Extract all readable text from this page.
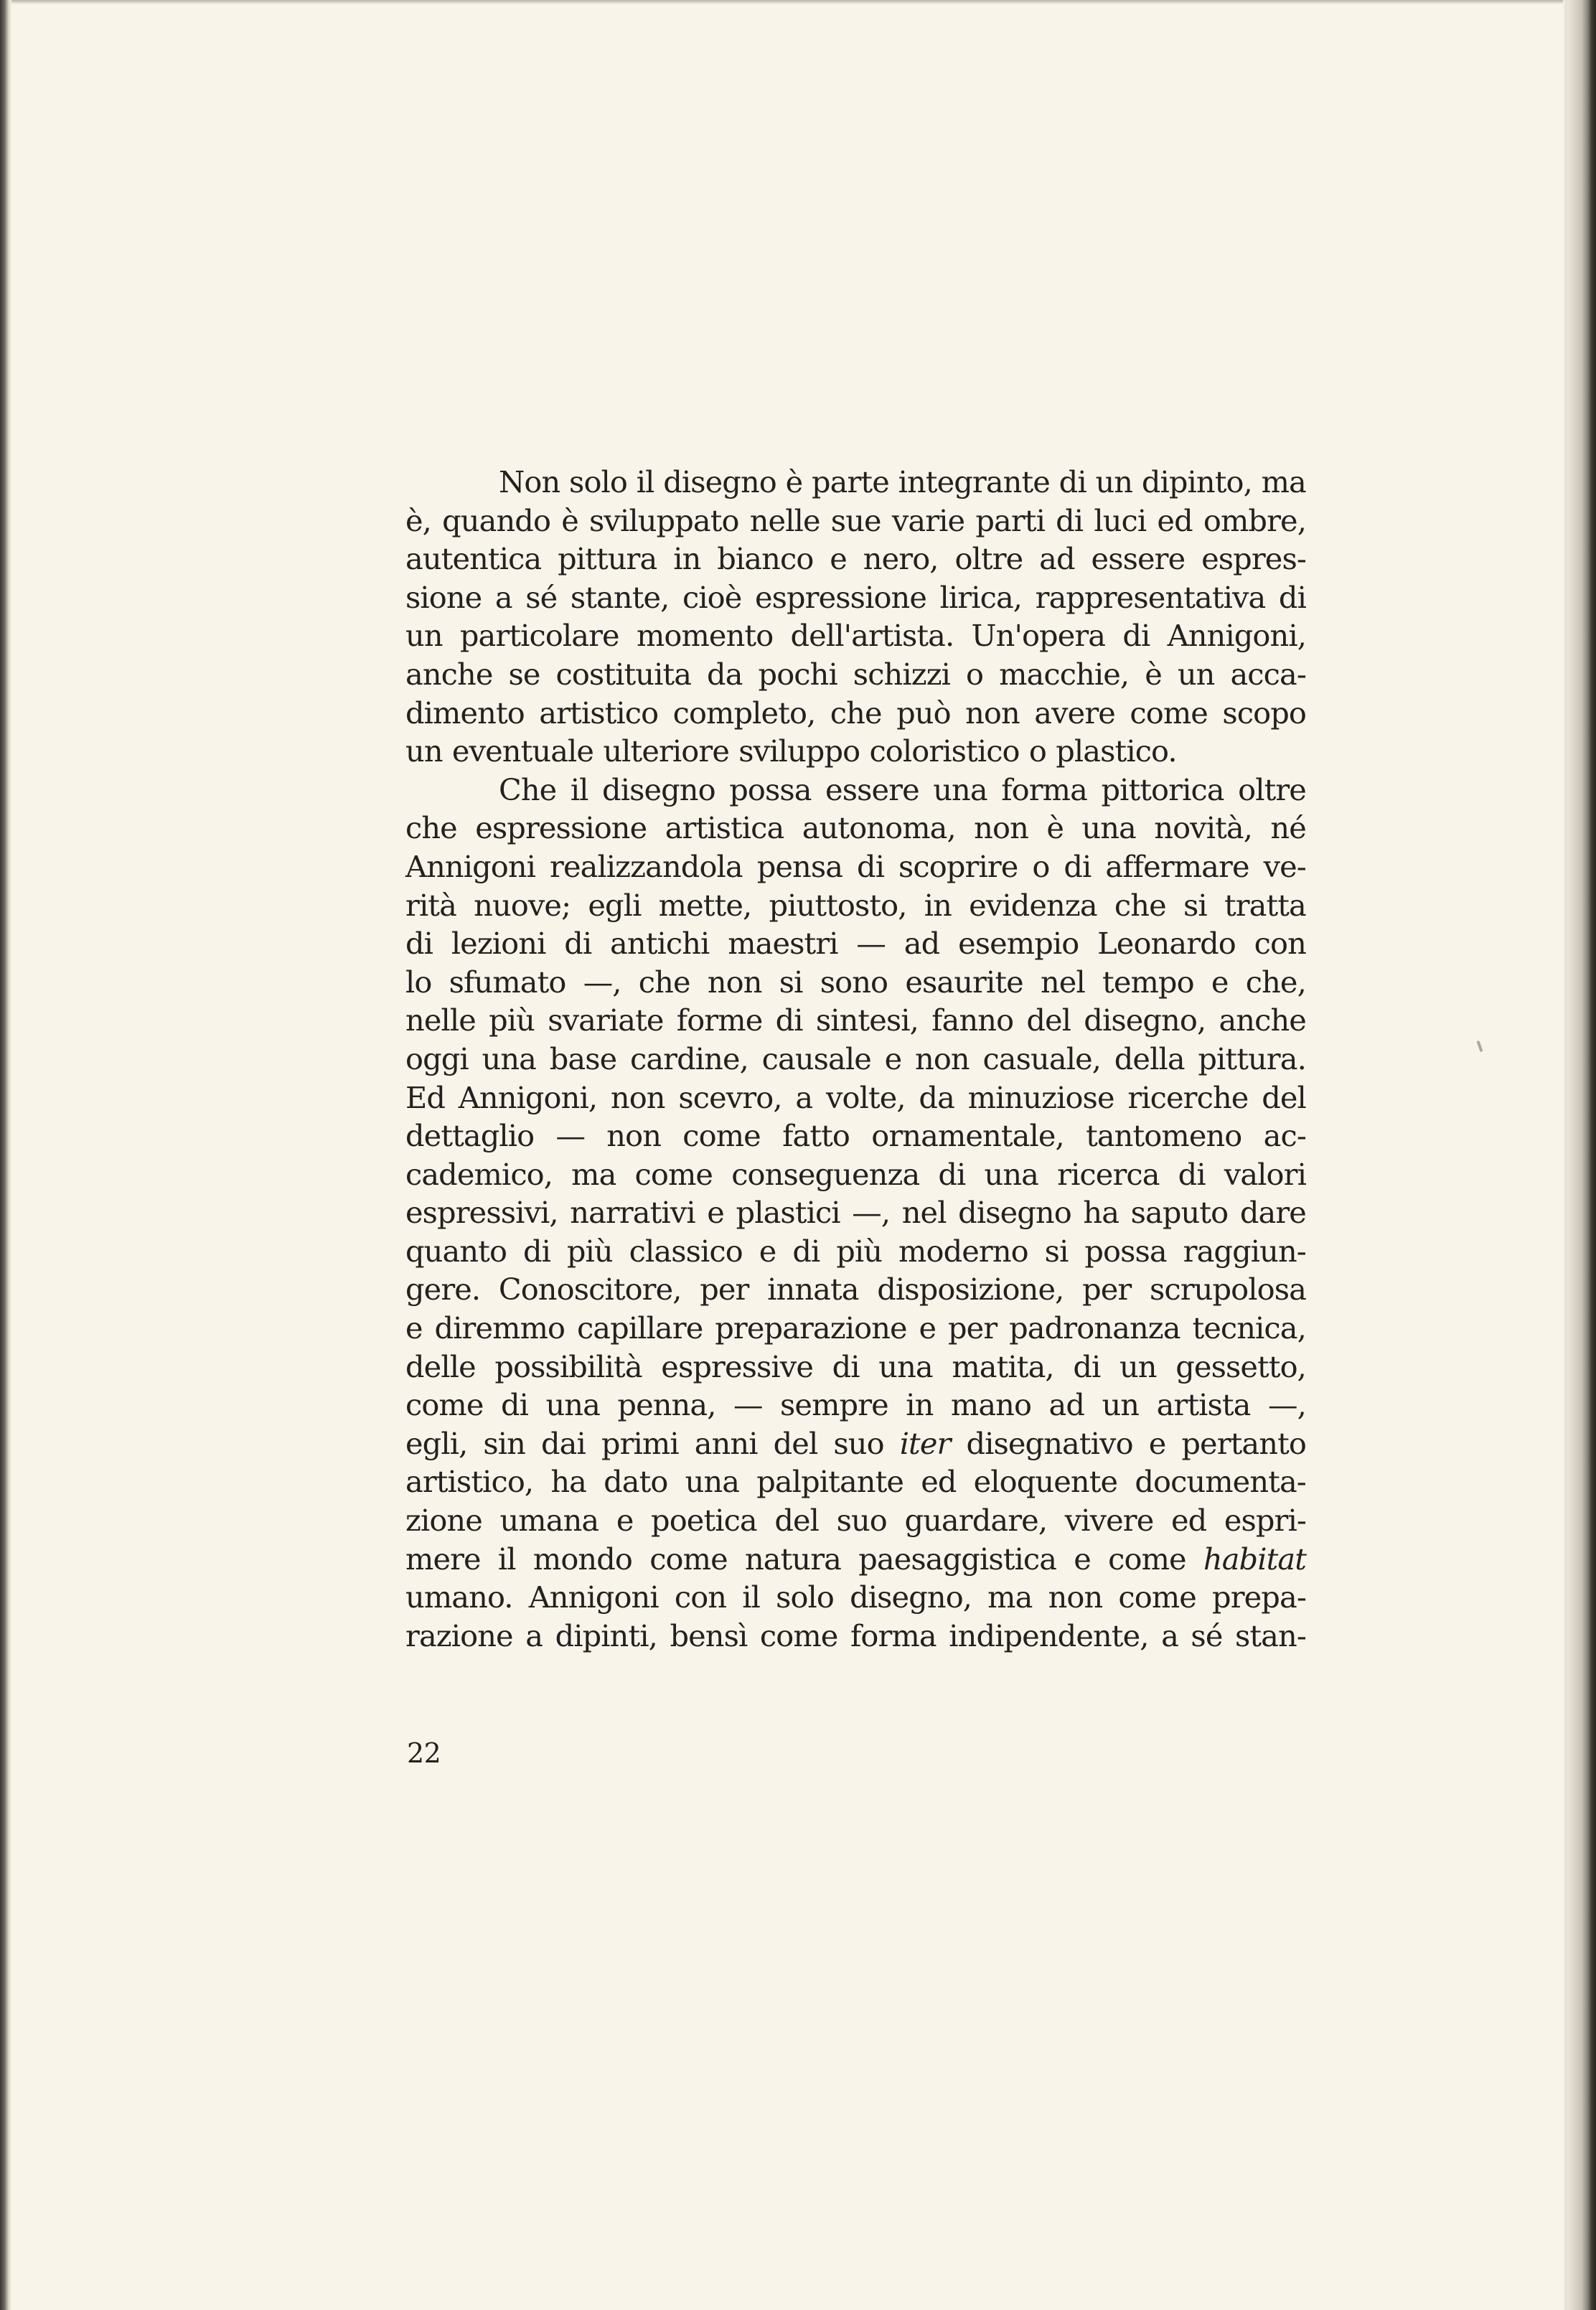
Non solo il disegno è parte integrante di un dipinto, ma
è, quando è sviluppato nelle sue varie parti di luci ed ombre,
autentica pittura in bianco e nero, oltre ad essere espres-
sione a sé stante, cioè espressione lirica, rappresentativa di
un particolare momento dell'artista. Un'opera di Annigoni,
anche se costituita da pochi schizzi o macchie, è un acca-
dimento artistico completo, che può non avere come scopo
un eventuale ulteriore sviluppo coloristico o plastico.
Che il disegno possa essere una forma pittorica oltre
che espressione artistica autonoma, non è una novità, né
Annigoni realizzandola pensa di scoprire o di affermare ve-
rità nuove; egli mette, piuttosto, in evidenza che si tratta
di lezioni di antichi maestri — ad esempio Leonardo con
lo sfumato —, che non si sono esaurite nel tempo e che,
nelle più svariate forme di sintesi, fanno del disegno, anche
oggi una base cardine, causale e non casuale, della pittura.
Ed Annigoni, non scevro, a volte, da minuziose ricerche del
dettaglio — non come fatto ornamentale, tantomeno ac-
cademico, ma come conseguenza di una ricerca di valori
espressivi, narrativi e plastici —, nel disegno ha saputo dare
quanto di più classico e di più moderno si possa raggiun-
gere. Conoscitore, per innata disposizione, per scrupolosa
e diremmo capillare preparazione e per padronanza tecnica,
delle possibilità espressive di una matita, di un gessetto,
come di una penna, — sempre in mano ad un artista —,
egli, sin dai primi anni del suo iter disegnativo e pertanto
artistico, ha dato una palpitante ed eloquente documenta-
zione umana e poetica del suo guardare, vivere ed espri-
mere il mondo come natura paesaggistica e come habitat
umano. Annigoni con il solo disegno, ma non come prepa-
razione a dipinti, bensì come forma indipendente, a sé stan-
22
